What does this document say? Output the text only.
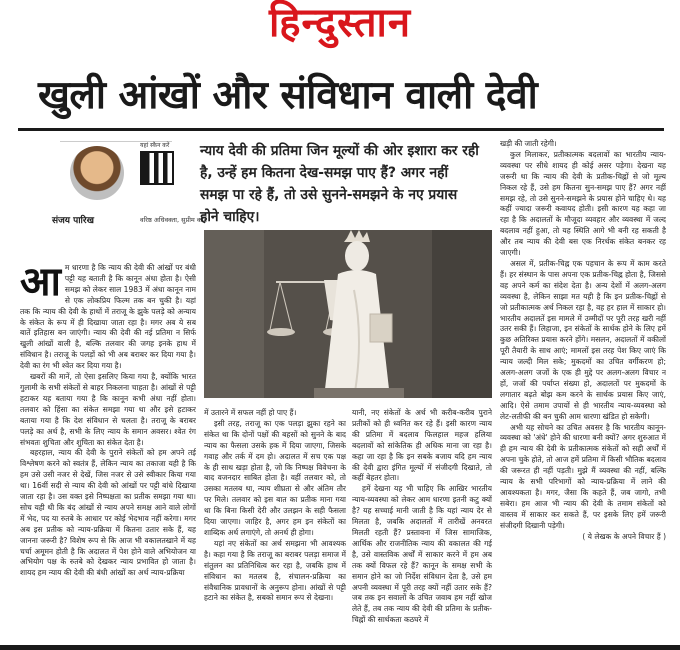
हिन्दुस्तान
खुली आंखों और संविधान वाली देवी
यहां स्कैन करें
संजय पारिख	वरिष्ठ अधिवक्ता, सुप्रीम कोर्ट
न्याय देवी की प्रतिमा जिन मूल्यों की ओर इशारा कर रही है, उन्हें हम कितना देख-समझ पाए हैं? अगर नहीं समझ पा रहे हैं, तो उसे सुनने-समझने के नए प्रयास होने चाहिए।
आ म धारणा है कि न्याय की देवी की आंखों पर बंधी पट्टी यह बताती है कि कानून अंधा होता है। ऐसी समझ को लेकर साल 1983 में अंधा कानून नाम से एक लोकप्रिय फिल्म तक बन चुकी है। यहां तक कि न्याय की देवी के हाथों में तराजू के झुके पलड़े को अन्याय के संकेत के रूप में ही दिखाया जाता रहा है। मगर अब ये सब बातें इतिहास बन जाएंगी। न्याय की देवी की नई प्रतिमा न सिर्फ खुली आंखों वाली है, बल्कि तलवार की जगह इनके हाथ में संविधान है। तराजू के पलड़ों को भी अब बराबर कर दिया गया है। देवी का रंग भी श्वेत कर दिया गया है।

खबरों की मानें, तो ऐसा इसलिए किया गया है, क्योंकि भारत गुलामी के सभी संकेतों से बाहर निकलना चाहता है। आंखों से पट्टी हटाकर यह बताया गया है कि कानून कभी अंधा नहीं होता। तलवार को हिंसा का संकेत समझा गया था और इसे हटाकर बताया गया है कि देश संविधान से चलता है। तराजू के बराबर पलड़े का अर्थ है, सभी के लिए न्याय के समान अवसर। श्वेत रंग संभवतः शुचिता और शुचिता का संकेत देता है।

बहरहाल, न्याय की देवी के पुराने संकेतों को हम अपने तई विश्लेषण करने को स्वतंत्र हैं, लेकिन न्याय का तकाजा यही है कि हम उसे उसी नजर से देखें, जिस नजर से उसे स्वीकार किया गया था। 16वीं सदी से न्याय की देवी को आंखों पर पट्टी बांधे दिखाया जाता रहा है। उस वक्त इसे निष्पक्षता का प्रतीक समझा गया था। सोच यही थी कि बंद आंखों से न्याय अपने समक्ष आने वाले लोगों में भेद, पद या रुतबे के आधार पर कोई भेदभाव नहीं करेगा। मगर अब इस प्रतीक को न्याय-प्रक्रिया में कितना उतार सके हैं, यह जानना जरूरी है? विशेष रूप से कि आज भी वकालतखाने में यह चर्चा अमूमन होती है कि अदालत में पेश होने वाले अभियोजन या अभियोग पक्ष के रुतबे को देखकर न्याय प्रभावित हो जाता है। शायद हम न्याय की देवी की बंधी आंखों का अर्थ न्याय-प्रक्रिया

में उतारने में सफल नहीं हो पाए हैं।

इसी तरह, तराजू का एक पलड़ा झुका रहने का संकेत था कि दोनों पक्षों की बहसों को सुनने के बाद न्याय का फैसला उसके हक में दिया जाएगा, जिसके गवाह और तर्क में दम हो। अदालत में सच एक पक्ष के ही साथ खड़ा होता है, जो कि निष्पक्ष विवेचना के बाद वजनदार साबित होता है। वहीं तलवार को, तो उसका मतलब था, न्याय शीघ्रता से और अंतिम तौर पर मिले। तलवार को इस बात का प्रतीक माना गया था कि बिना किसी देरी और उलझन के सही फैसला दिया जाएगा। जाहिर है, अगर हम इन संकेतों का शाब्दिक अर्थ लगाएंगे, तो अनर्थ ही होगा।

यहां नए संकेतों का अर्थ समझना भी आवश्यक है। कहा गया है कि तराजू का बराबर पलड़ा समाज में संतुलन का प्रतिनिधित्व कर रहा है, जबकि हाथ में संविधान का मतलब है, संचालन-प्रक्रिया का संवैधानिक प्रावधानों के अनुरूप होना। आंखों से पट्टी हटाने का संकेत है, सबकाे समान रूप से देखना।

यानी, नए संकेतों के अर्थ भी करीब-करीब पुराने प्रतीकों को ही ध्वनित कर रहे हैं। इसी कारण न्याय की प्रतिमा में बदलाव फिलहाल महज हलिया बदलावों को सांकेतिक ही अधिक माना जा रहा है। कहा जा रहा है कि इन सबके बजाय यदि हम न्याय की देवी द्वारा इंगित मूल्यों में संजीदगी दिखाते, तो कहीं बेहतर होता।

हमें देखना यह भी चाहिए कि आखिर भारतीय न्याय-व्यवस्था को लेकर आम धारणा इतनी कटु क्यों है? यह सच्चाई मानी जाती है कि यहां न्याय देर से मिलता है, जबकि अदालतों में तारीखें अनवरत मिलती रहती हैं? प्रस्तावना में जिस सामाजिक, आर्थिक और राजनीतिक न्याय की वकालत की गई है, उसे वास्तविक अर्थों में साकार करने में हम अब तक क्यों विफल रहे हैं? कानून के समक्ष सभी के समान होने का जो निर्देश संविधान देता है, उसे हम अपनी व्यवस्था में पूरी तरह क्यों नहीं उतार सके हैं? जब तक इन सवालों के उचित जवाब हम नहीं खोज लेते हैं, तब तक न्याय की देवी की प्रतिमा के प्रतीक-चिह्नों की सार्थकता कठघरे में

खड़ी की जाती रहेगी।

कुल मिलाकर, प्रतीकात्मक बदलावों का भारतीय न्याय-व्यवस्था पर सीधे शायद ही कोई असर पड़ेगा। देखना यह जरूरी था कि न्याय की देवी के प्रतीक-चिह्नों से जो मूल्य निकल रहे हैं, उसे हम कितना सुन-समझ पाए हैं? अगर नहीं समझ रहे, तो उसे सुनने-समझने के प्रयास होने चाहिए थे। यह कहीं ज्यादा जरूरी कवायद होती। इसी कारण यह कहा जा रहा है कि अदालतों के मौजूदा व्यवहार और व्यवस्था में जल्द बदलाव नहीं हुआ, तो यह स्थिति आगे भी बनी रह सकती है और तब न्याय की देवी बस एक निरर्थक संकेत बनकर रह जाएगी।

असल में, प्रतीक-चिह्न एक पहचान के रूप में काम करते हैं। हर संस्थान के पास अपना एक प्रतीक-चिह्न होता है, जिससे वह अपने कर्म का संदेश देता है। अन्य देशों में अलग-अलग व्यवस्था है, लेकिन साझा मत यही है कि इन प्रतीक-चिह्नों से जो प्रतीकात्मक अर्थ निकल रहा है, वह हर हाल में साकार हो। भारतीय अदालतें इस मामले में उम्मीदों पर पूरी तरह खरी नहीं उतर सकी हैं। लिहाजा, इन संकेतों के सार्थक होने के लिए हमें कुछ अतिरिक्त प्रयास करने होंगे। मसलन, अदालतों में वकीलों पूरी तैयारी के साथ आएं; मामलों इस तरह पेश किए जाएं कि न्याय जल्दी मिल सके; मुकदमों का उचित वर्गीकरण हो; अलग-अलग जजों के एक ही मुद्दे पर अलग-अलग विचार न हों, जजों की पर्याप्त संख्या हो, अदालतों पर मुकदमों के लगातार बढ़ते बोझ कम करने के सार्थक प्रयास किए जाएं, आदि। ऐसे तमाम उपायों से ही भारतीय न्याय-व्यवस्था को लेट-लतीफी की बन चुकी आम धारणा खंडित हो सकेगी।

अभी यह सोचने का उचित अवसर है कि भारतीय कानून-व्यवस्था को 'अंधे' होने की धारणा बनी क्यों? अगर शुरुआत में ही हम न्याय की देवी के प्रतीकात्मक संकेतों को सही अर्थों में अपना चुके होते, तो आज हमें प्रतिमा में किसी भौतिक बदलाव की जरूरत ही नहीं पड़ती। मुझे मैं व्यवस्था की नहीं, बल्कि न्याय के सभी परिभागों को न्याय-प्रक्रिया में लाने की आवश्यकता है। मगर, जैसा कि कहते हैं, जब जागो, तभी सबेरा। हम आज भी न्याय की देवी के तमाम संकेतों को वास्तव में साकार कर सकते हैं, पर इसके लिए हमें जरूरी संजीदगी दिखानी पड़ेगी।

( ये लेखक के अपने विचार हैं )
